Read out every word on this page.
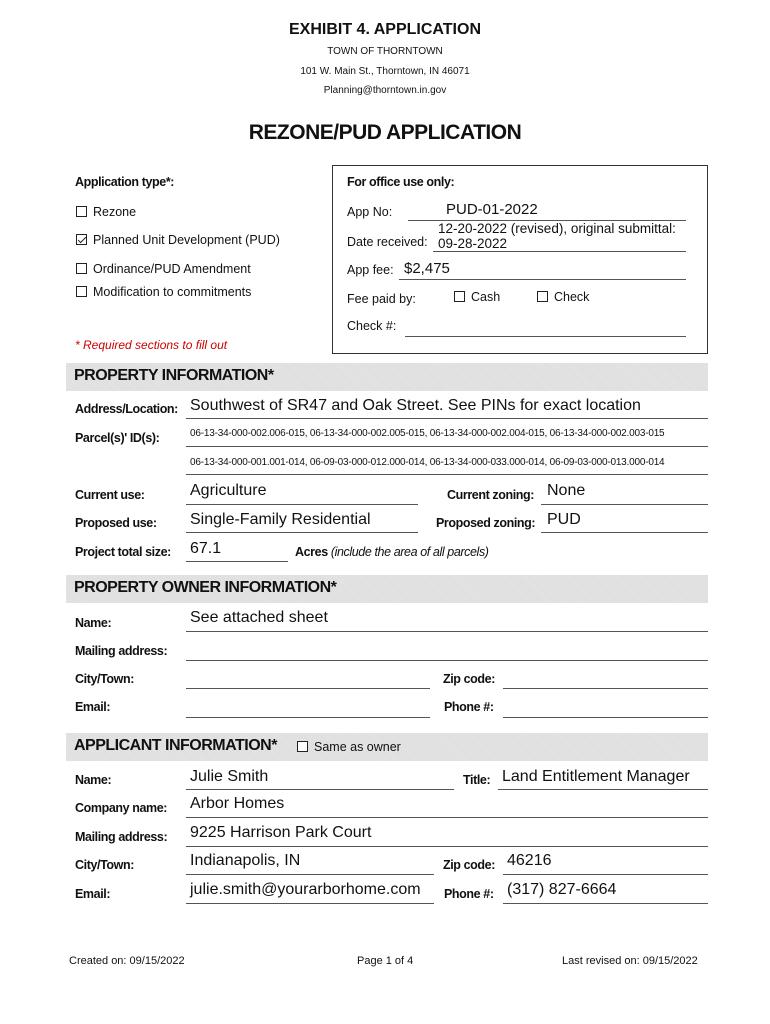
EXHIBIT 4. APPLICATION
TOWN OF THORNTOWN
101 W. Main St., Thorntown, IN 46071
Planning@thorntown.in.gov
REZONE/PUD APPLICATION
Application type*:
Rezone
Planned Unit Development (PUD)
Ordinance/PUD Amendment
Modification to commitments
* Required sections to fill out
For office use only:
App No:	PUD-01-2022
Date received:
12-20-2022 (revised), original submittal:
09-28-2022
App fee: $2,475
Fee paid by:	Cash	Check
Check #:
PROPERTY INFORMATION*
Address/Location: Southwest of SR47 and Oak Street. See PINs for exact location
Parcel(s)' ID(s):	06-13-34-000-002.006-015, 06-13-34-000-002.005-015, 06-13-34-000-002.004-015, 06-13-34-000-002.003-015
06-13-34-000-001.001-014, 06-09-03-000-012.000-014, 06-13-34-000-033.000-014, 06-09-03-000-013.000-014
Current use:	Agriculture	Current zoning: None
Proposed use: Single-Family Residential	Proposed zoning: PUD
Project total size: 67.1	Acres (include the area of all parcels)
PROPERTY OWNER INFORMATION*
Name:	See attached sheet
Mailing address:
City/Town:	Zip code:
Email:	Phone #:
APPLICANT INFORMATION*	Same as owner
Name:	Julie Smith	Title: Land Entitlement Manager
Company name: Arbor Homes
Mailing address: 9225 Harrison Park Court
City/Town:	Indianapolis, IN	Zip code: 46216
Email:	julie.smith@yourarborhome.com Phone #: (317) 827-6664
Created on: 09/15/2022	Page 1 of 4	Last revised on: 09/15/2022
